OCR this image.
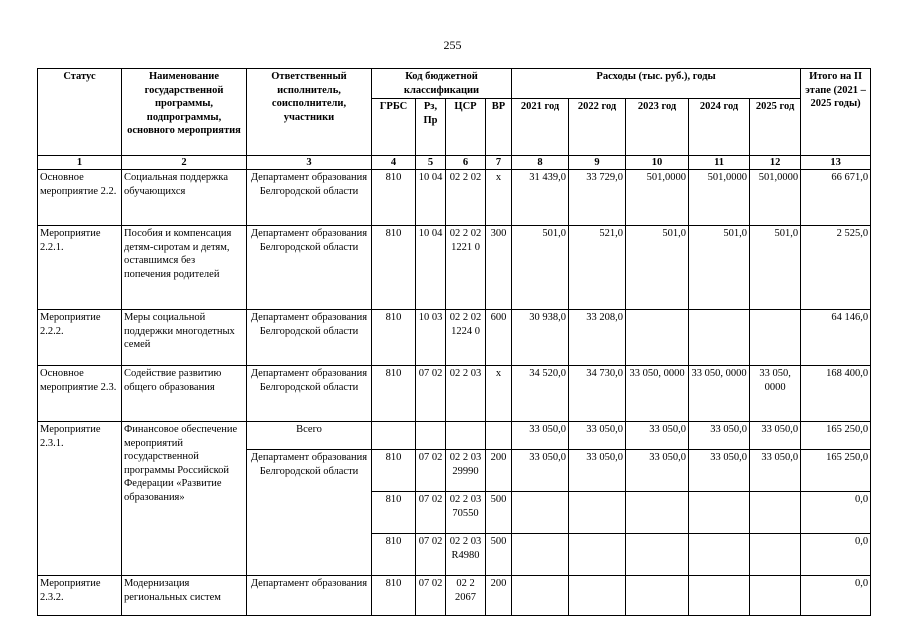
255
Статус	Наименование государственной программы, подпрограммы, основного мероприятия	Ответственный исполнитель, соисполнители, участники	Код бюджетной классификации				Расходы (тыс. руб.), годы					Итого на II этапе (2021 – 2025 годы)
			ГРБС	Рз, Пр	ЦСР	ВР	2021 год	2022 год	2023 год	2024 год	2025 год	
1	2	3	4	5	6	7	8	9	10	11	12	13
Основное мероприятие 2.2.	Социальная поддержка обучающихся	Департамент образования Белгородской области	810	10 04	02 2 02	х	31 439,0	33 729,0	501,0000	501,0000	501,0000	66 671,0
Мероприятие 2.2.1.	Пособия и компенсация детям-сиротам и детям, оставшимся без попечения родителей	Департамент образования Белгородской области	810	10 04	02 2 02 1221 0	300	501,0	521,0	501,0	501,0	501,0	2 525,0
Мероприятие 2.2.2.	Меры социальной поддержки многодетных семей	Департамент образования Белгородской области	810	10 03	02 2 02 1224 0	600	30 938,0	33 208,0				64 146,0
Основное мероприятие 2.3.	Содействие развитию общего образования	Департамент образования Белгородской области	810	07 02	02 2 03	х	34 520,0	34 730,0	33 050, 0000	33 050, 0000	33 050, 0000	168 400,0
Мероприятие 2.3.1.	Финансовое обеспечение мероприятий государственной программы Российской Федерации «Развитие образования»	Всего					33 050,0	33 050,0	33 050,0	33 050,0	33 050,0	165 250,0
		Департамент образования Белгородской области	810	07 02	02 2 03 29990	200	33 050,0	33 050,0	33 050,0	33 050,0	33 050,0	165 250,0
			810	07 02	02 2 03 70550	500						0,0
			810	07 02	02 2 03 R4980	500						0,0
Мероприятие 2.3.2.	Модернизация региональных систем	Департамент образования	810	07 02	02 2 2067	200						0,0
